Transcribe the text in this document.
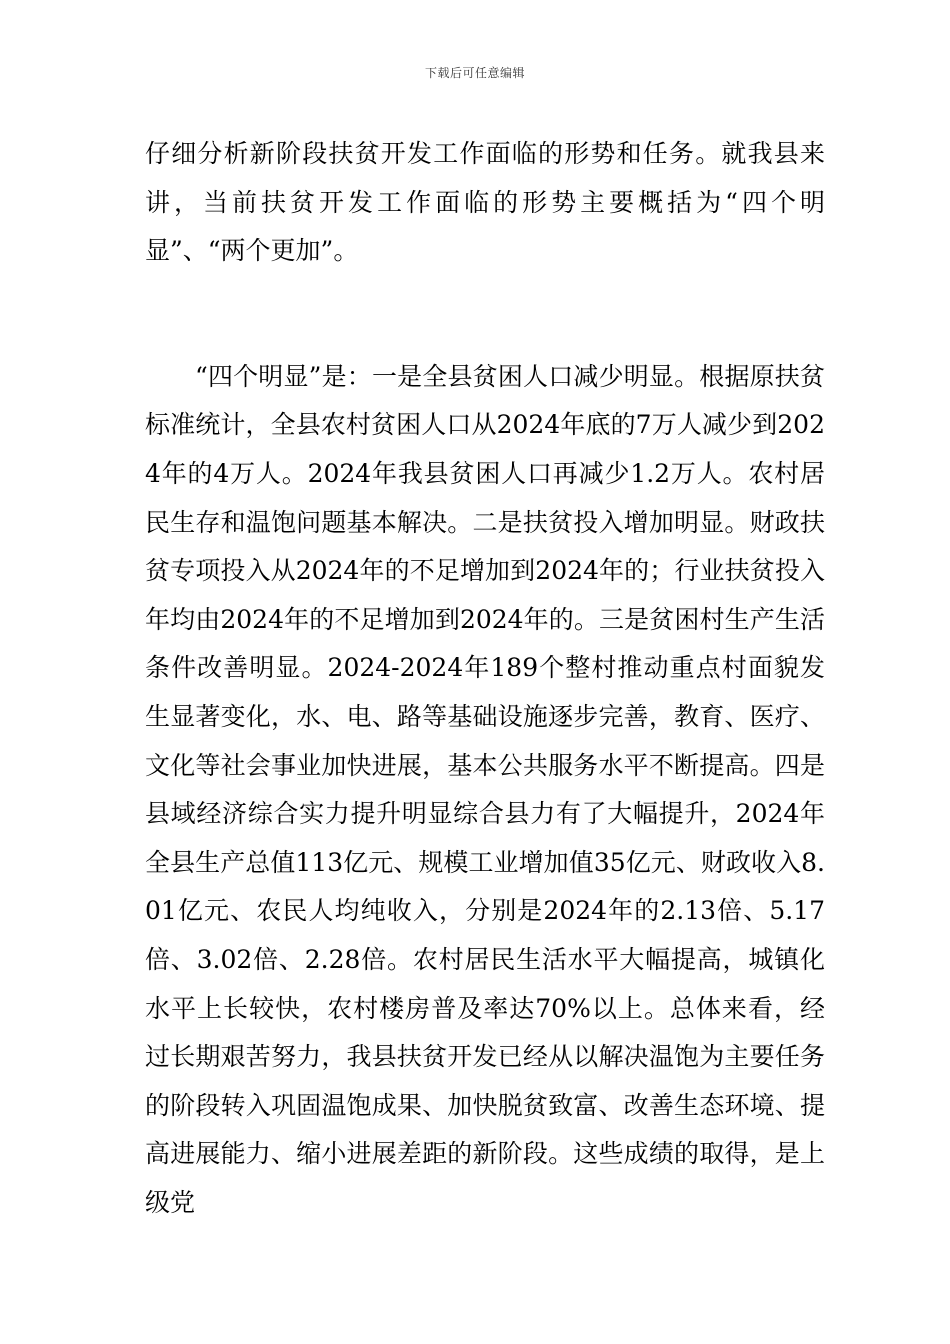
下载后可任意编辑

仔细分析新阶段扶贫开发工作面临的形势和任务。就我县来讲，当前扶贫开发工作面临的形势主要概括为“四个明显”、“两个更加”。

“四个明显”是：一是全县贫困人口减少明显。根据原扶贫标准统计，全县农村贫困人口从2024年底的7万人减少到2024年的4万人。2024年我县贫困人口再减少1.2万人。农村居民生存和温饱问题基本解决。二是扶贫投入增加明显。财政扶贫专项投入从2024年的不足增加到2024年的；行业扶贫投入年均由2024年的不足增加到2024年的。三是贫困村生产生活条件改善明显。2024-2024年189个整村推动重点村面貌发生显著变化，水、电、路等基础设施逐步完善，教育、医疗、文化等社会事业加快进展，基本公共服务水平不断提高。四是县域经济综合实力提升明显综合县力有了大幅提升，2024年全县生产总值113亿元、规模工业增加值35亿元、财政收入8.01亿元、农民人均纯收入，分别是2024年的2.13倍、5.17倍、3.02倍、2.28倍。农村居民生活水平大幅提高，城镇化水平上长较快，农村楼房普及率达70%以上。总体来看，经过长期艰苦努力，我县扶贫开发已经从以解决温饱为主要任务的阶段转入巩固温饱成果、加快脱贫致富、改善生态环境、提高进展能力、缩小进展差距的新阶段。这些成绩的取得，是上级党
